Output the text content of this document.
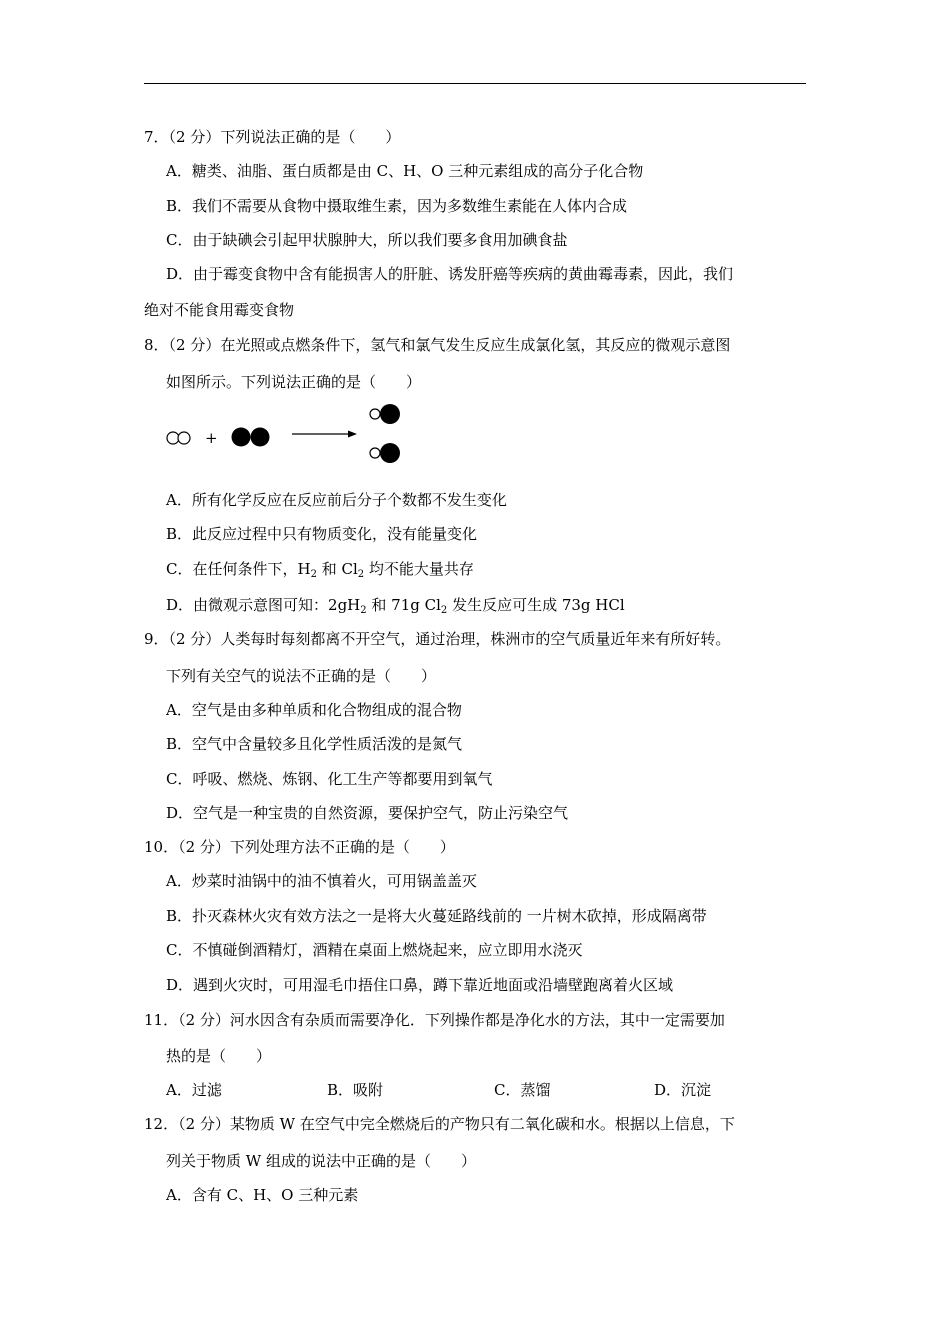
7．（2 分）下列说法正确的是（　　）
A．糖类、油脂、蛋白质都是由 C、H、O 三种元素组成的高分子化合物
B．我们不需要从食物中摄取维生素，因为多数维生素能在人体内合成
C．由于缺碘会引起甲状腺肿大，所以我们要多食用加碘食盐
D．由于霉变食物中含有能损害人的肝脏、诱发肝癌等疾病的黄曲霉毒素，因此，我们
绝对不能食用霉变食物
8．（2 分）在光照或点燃条件下，氢气和氯气发生反应生成氯化氢，其反应的微观示意图
如图所示。下列说法正确的是（　　）
+
A．所有化学反应在反应前后分子个数都不发生变化
B．此反应过程中只有物质变化，没有能量变化
C．在任何条件下，$H_2$ 和 $Cl_2$ 均不能大量共存
D．由微观示意图可知：$2gH_2$ 和 71g $Cl_2$ 发生反应可生成 73g HCl
9．（2 分）人类每时每刻都离不开空气，通过治理，株洲市的空气质量近年来有所好转。
下列有关空气的说法不正确的是（　　）
A．空气是由多种单质和化合物组成的混合物
B．空气中含量较多且化学性质活泼的是氮气
C．呼吸、燃烧、炼钢、化工生产等都要用到氧气
D．空气是一种宝贵的自然资源，要保护空气，防止污染空气
10．（2 分）下列处理方法不正确的是（　　）
A．炒菜时油锅中的油不慎着火，可用锅盖盖灭
B．扑灭森林火灾有效方法之一是将大火蔓延路线前的 一片树木砍掉，形成隔离带
C．不慎碰倒酒精灯，酒精在桌面上燃烧起来，应立即用水浇灭
D．遇到火灾时，可用湿毛巾捂住口鼻，蹲下靠近地面或沿墙壁跑离着火区域
11．（2 分）河水因含有杂质而需要净化．下列操作都是净化水的方法，其中一定需要加
热的是（　　）
A．过滤	B．吸附	C．蒸馏	D．沉淀
12．（2 分）某物质 W 在空气中完全燃烧后的产物只有二氧化碳和水。根据以上信息，下
列关于物质 W 组成的说法中正确的是（　　）
A．含有 C、H、O 三种元素
